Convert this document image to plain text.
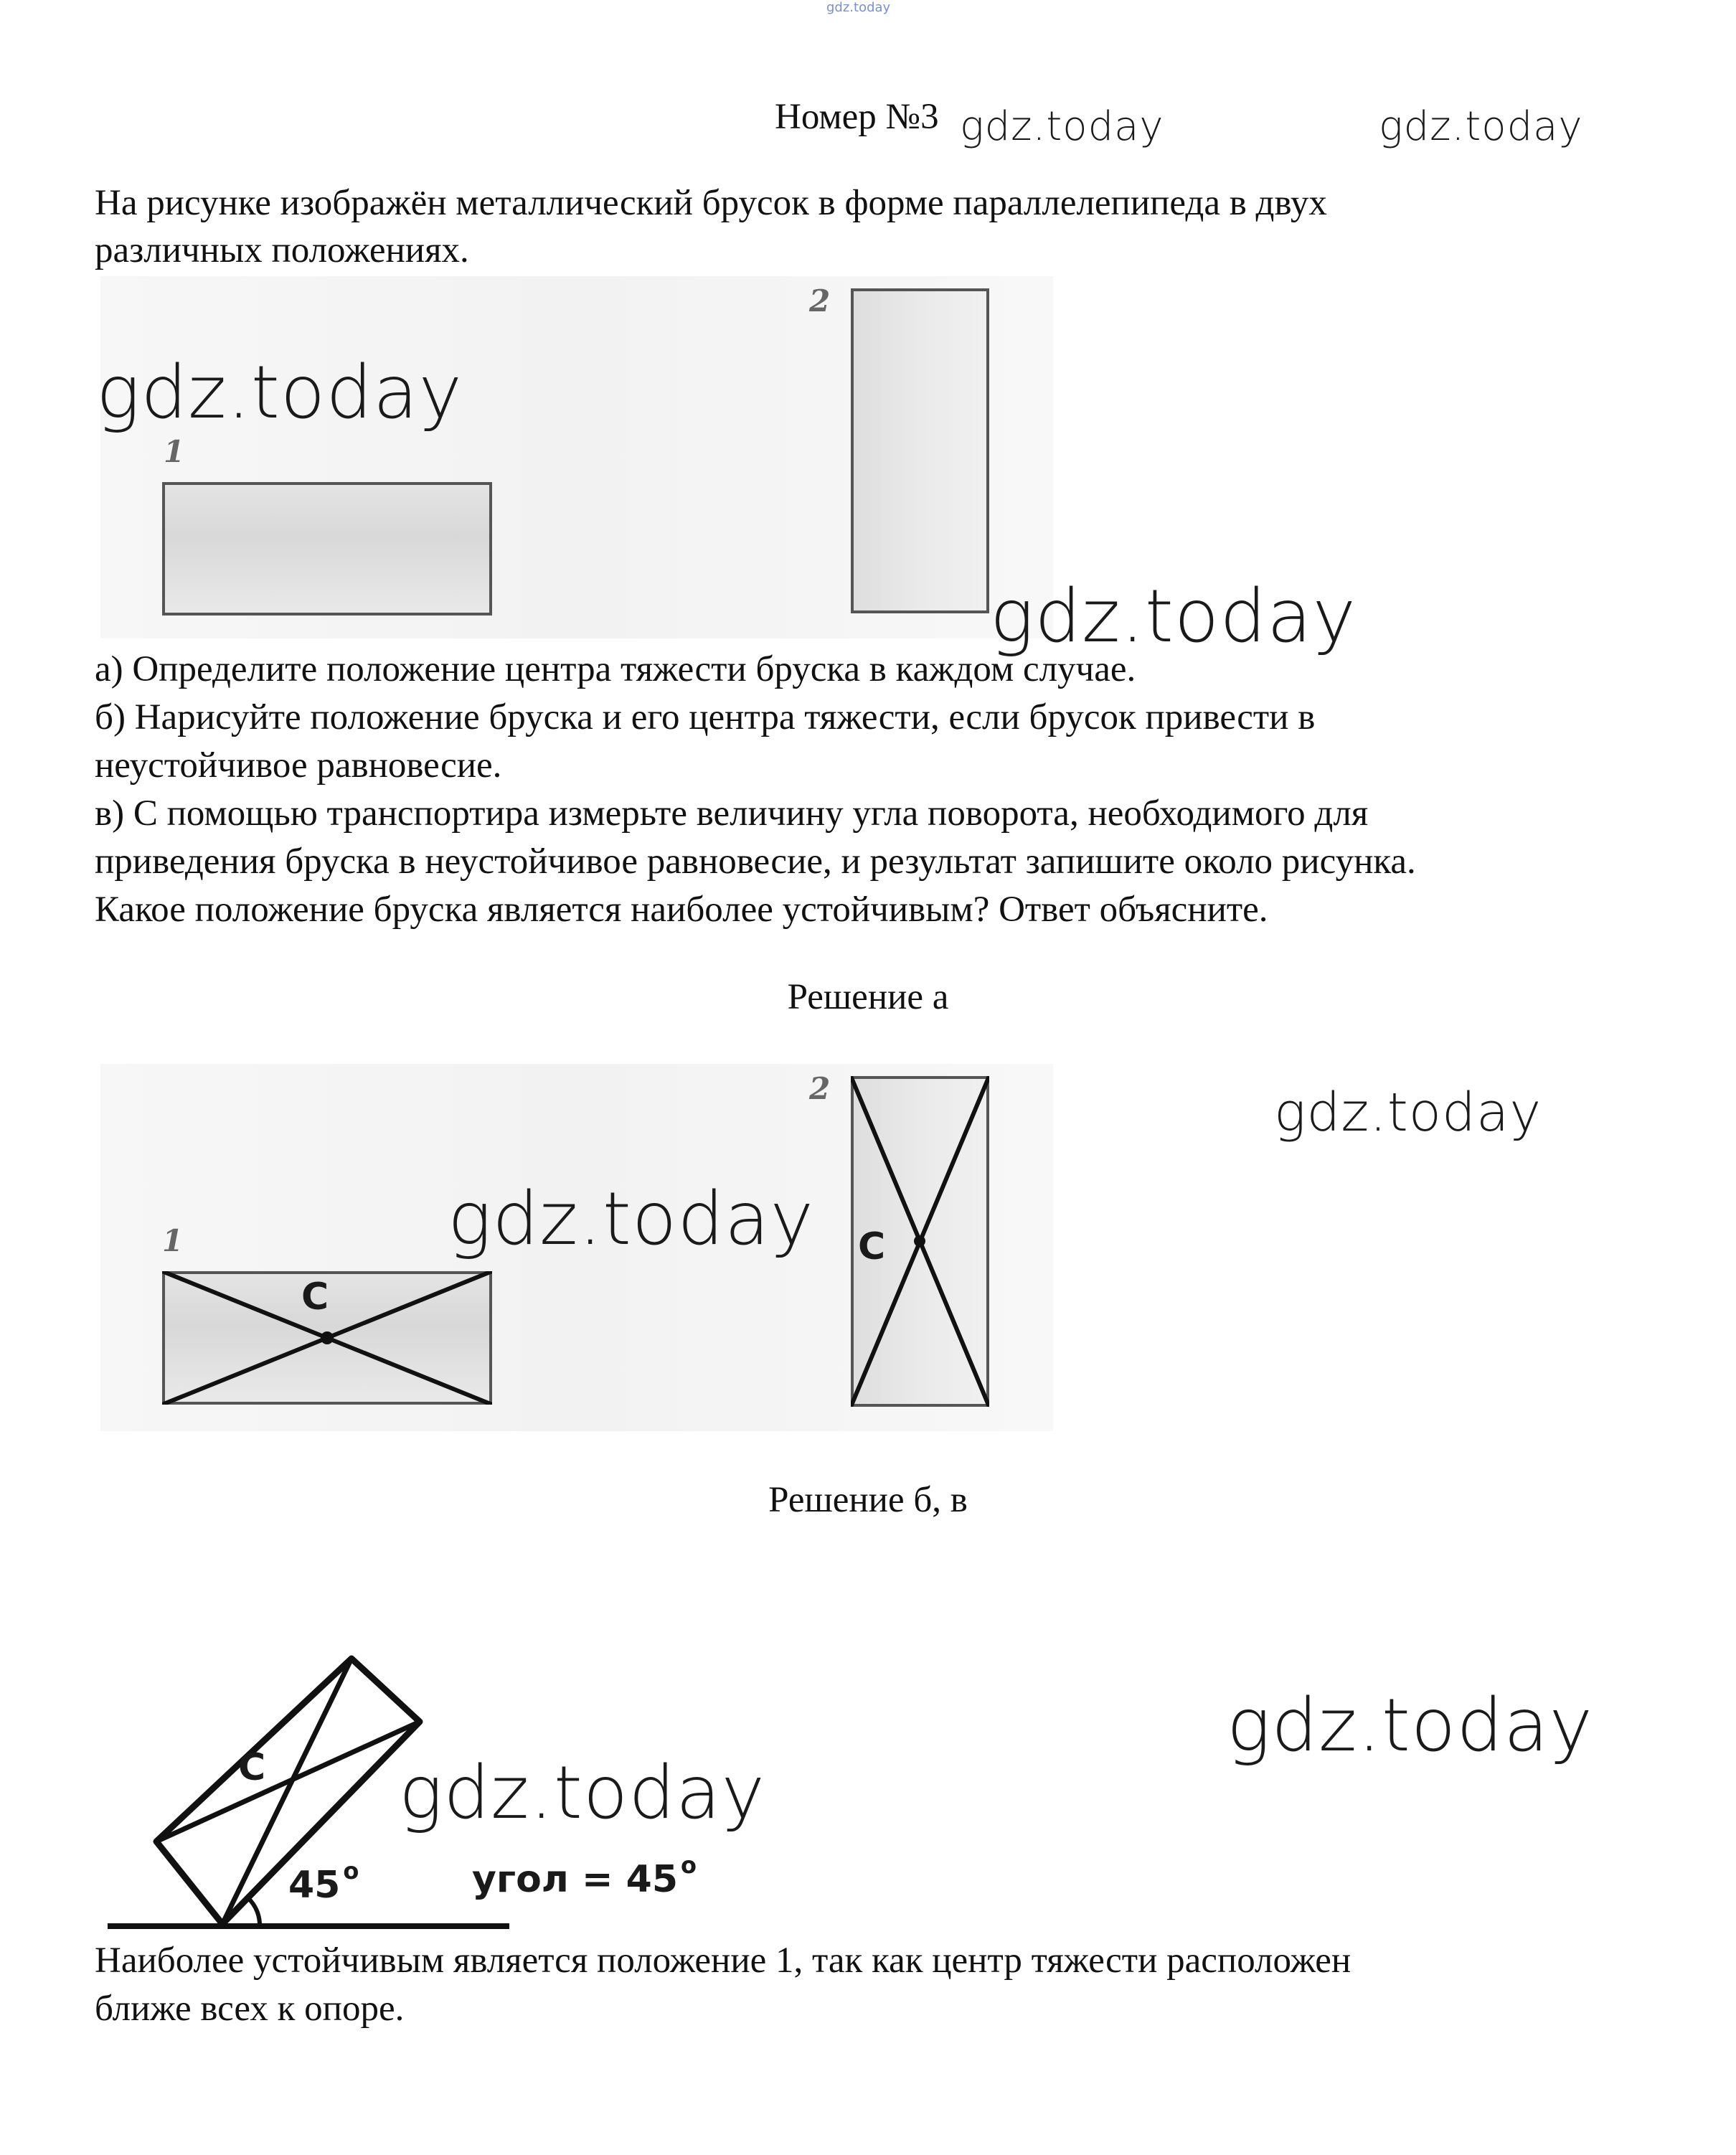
gdz.today
Номер №3
На рисунке изображён металлический брусок в форме параллелепипеда в двух
различных положениях.
1
2
а) Определите положение центра тяжести бруска в каждом случае.
б) Нарисуйте положение бруска и его центра тяжести, если брусок привести в
неустойчивое равновесие.
в) С помощью транспортира измерьте величину угла поворота, необходимого для
приведения бруска в неустойчивое равновесие, и результат запишите около рисунка.
Какое положение бруска является наиболее устойчивым? Ответ объясните.
Решение а
1
C
2
C
Решение б, в
C
45 $^o$	угол = 45 $^o$
Наиболее устойчивым является положение 1, так как центр тяжести расположен
ближе всех к опоре.
gdz.today	gdz.today
gdz.today
gdz.today
gdz.today
gdz.today
gdz.today
gdz.today
